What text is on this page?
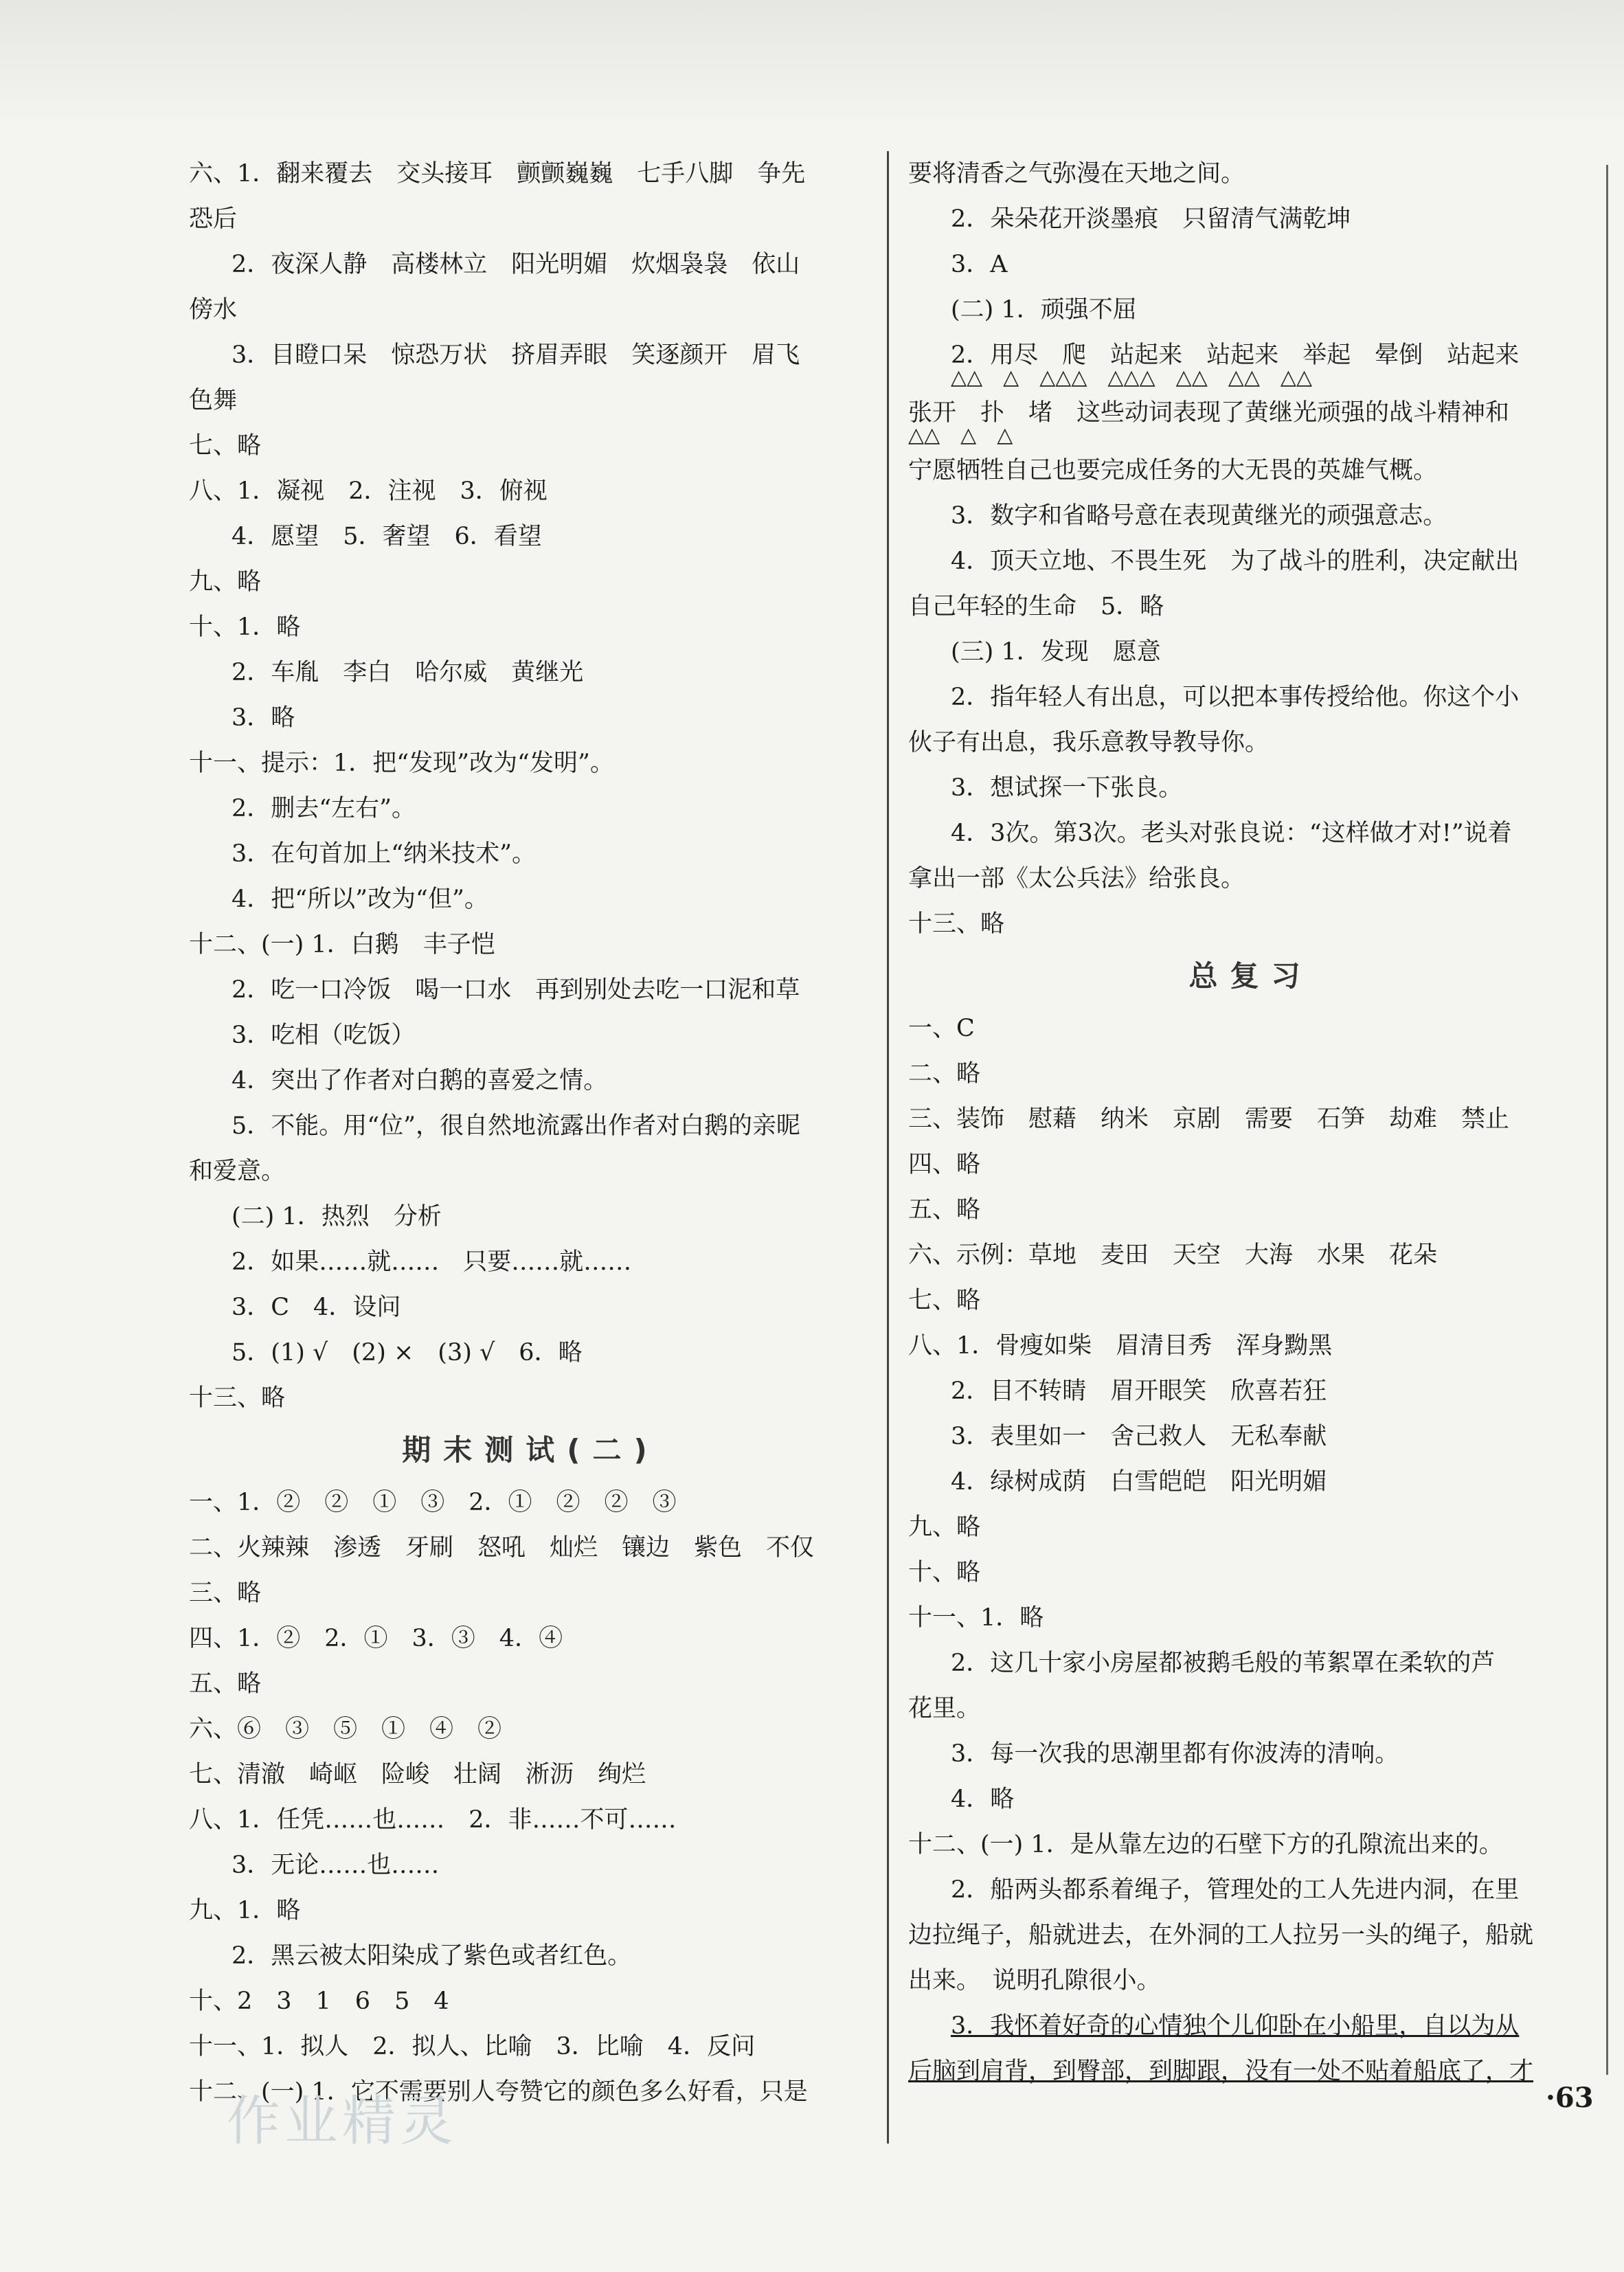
六、1．翻来覆去　交头接耳　颤颤巍巍　七手八脚　争先
恐后
2．夜深人静　高楼林立　阳光明媚　炊烟袅袅　依山
傍水
3．目瞪口呆　惊恐万状　挤眉弄眼　笑逐颜开　眉飞
色舞
七、略
八、1．凝视　2．注视　3．俯视
4．愿望　5．奢望　6．看望
九、略
十、1．略
2．车胤　李白　哈尔威　黄继光
3．略
十一、提示：1．把“发现”改为“发明”。
2．删去“左右”。
3．在句首加上“纳米技术”。
4．把“所以”改为“但”。
十二、(一) 1．白鹅　丰子恺
2．吃一口冷饭　喝一口水　再到别处去吃一口泥和草
3．吃相（吃饭）
4．突出了作者对白鹅的喜爱之情。
5．不能。用“位”，很自然地流露出作者对白鹅的亲昵
和爱意。
(二) 1．热烈　分析
2．如果……就……　只要……就……
3．C　4．设问
5．(1) √　(2) ×　(3) √　6．略
十三、略
期末测试(二)
一、1．②　②　①　③　2．①　②　②　③
二、火辣辣　渗透　牙刷　怒吼　灿烂　镶边　紫色　不仅
三、略
四、1．②　2．①　3．③　4．④
五、略
六、⑥　③　⑤　①　④　②
七、清澈　崎岖　险峻　壮阔　淅沥　绚烂
八、1．任凭……也……　2．非……不可……
3．无论……也……
九、1．略
2．黑云被太阳染成了紫色或者红色。
十、2　3　1　6　5　4
十一、1．拟人　2．拟人、比喻　3．比喻　4．反问
十二、(一) 1．它不需要别人夸赞它的颜色多么好看，只是
要将清香之气弥漫在天地之间。
2．朵朵花开淡墨痕　只留清气满乾坤
3．A
(二) 1．顽强不屈
2．用尽　爬　站起来　站起来　举起　晕倒　站起来
△△　△　△△△　△△△　△△　△△　△△
张开　扑　堵　这些动词表现了黄继光顽强的战斗精神和
△△　△　△
宁愿牺牲自己也要完成任务的大无畏的英雄气概。
3．数字和省略号意在表现黄继光的顽强意志。
4．顶天立地、不畏生死　为了战斗的胜利，决定献出
自己年轻的生命　5．略
(三) 1．发现　愿意
2．指年轻人有出息，可以把本事传授给他。你这个小
伙子有出息，我乐意教导教导你。
3．想试探一下张良。
4．3次。第3次。老头对张良说：“这样做才对!”说着
拿出一部《太公兵法》给张良。
十三、略
总复习
一、C
二、略
三、装饰　慰藉　纳米　京剧　需要　石笋　劫难　禁止
四、略
五、略
六、示例：草地　麦田　天空　大海　水果　花朵
七、略
八、1．骨瘦如柴　眉清目秀　浑身黝黑
2．目不转睛　眉开眼笑　欣喜若狂
3．表里如一　舍己救人　无私奉献
4．绿树成荫　白雪皑皑　阳光明媚
九、略
十、略
十一、1．略
2．这几十家小房屋都被鹅毛般的苇絮罩在柔软的芦
花里。
3．每一次我的思潮里都有你波涛的清响。
4．略
十二、(一) 1．是从靠左边的石壁下方的孔隙流出来的。
2．船两头都系着绳子，管理处的工人先进内洞，在里
边拉绳子，船就进去，在外洞的工人拉另一头的绳子，船就
出来。　说明孔隙很小。
3．我怀着好奇的心情独个儿仰卧在小船里，自以为从
后脑到肩背，到臀部，到脚跟，没有一处不贴着船底了，才
作业精灵	·63
